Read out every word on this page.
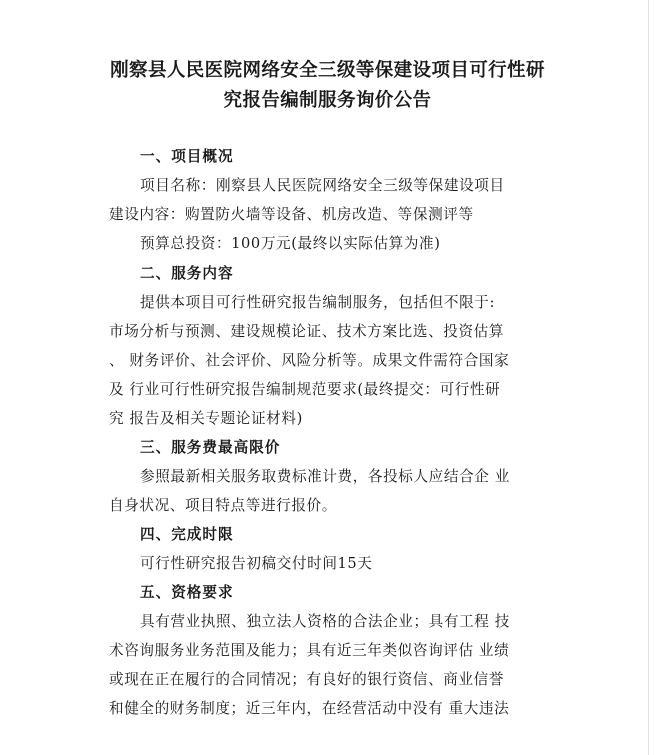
刚察县人民医院网络安全三级等保建设项目可行性研
究报告编制服务询价公告
一、项目概况
项目名称：刚察县人民医院网络安全三级等保建设项目
建设内容：购置防火墙等设备、机房改造、等保测评等
预算总投资：100万元(最终以实际估算为准)
二、服务内容
提供本项目可行性研究报告编制服务，包括但不限于:
市场分析与预测、建设规模论证、技术方案比选、投资估算
、 财务评价、社会评价、风险分析等。成果文件需符合国家
及 行业可行性研究报告编制规范要求(最终提交：可行性研
究 报告及相关专题论证材料)
三、服务费最高限价
参照最新相关服务取费标准计费，各投标人应结合企 业
自身状况、项目特点等进行报价。
四、完成时限
可行性研究报告初稿交付时间15天
五、资格要求
具有营业执照、独立法人资格的合法企业；具有工程 技
术咨询服务业务范围及能力；具有近三年类似咨询评估 业绩
或现在正在履行的合同情况；有良好的银行资信、商业信誉
和健全的财务制度；近三年内，在经营活动中没有 重大违法
